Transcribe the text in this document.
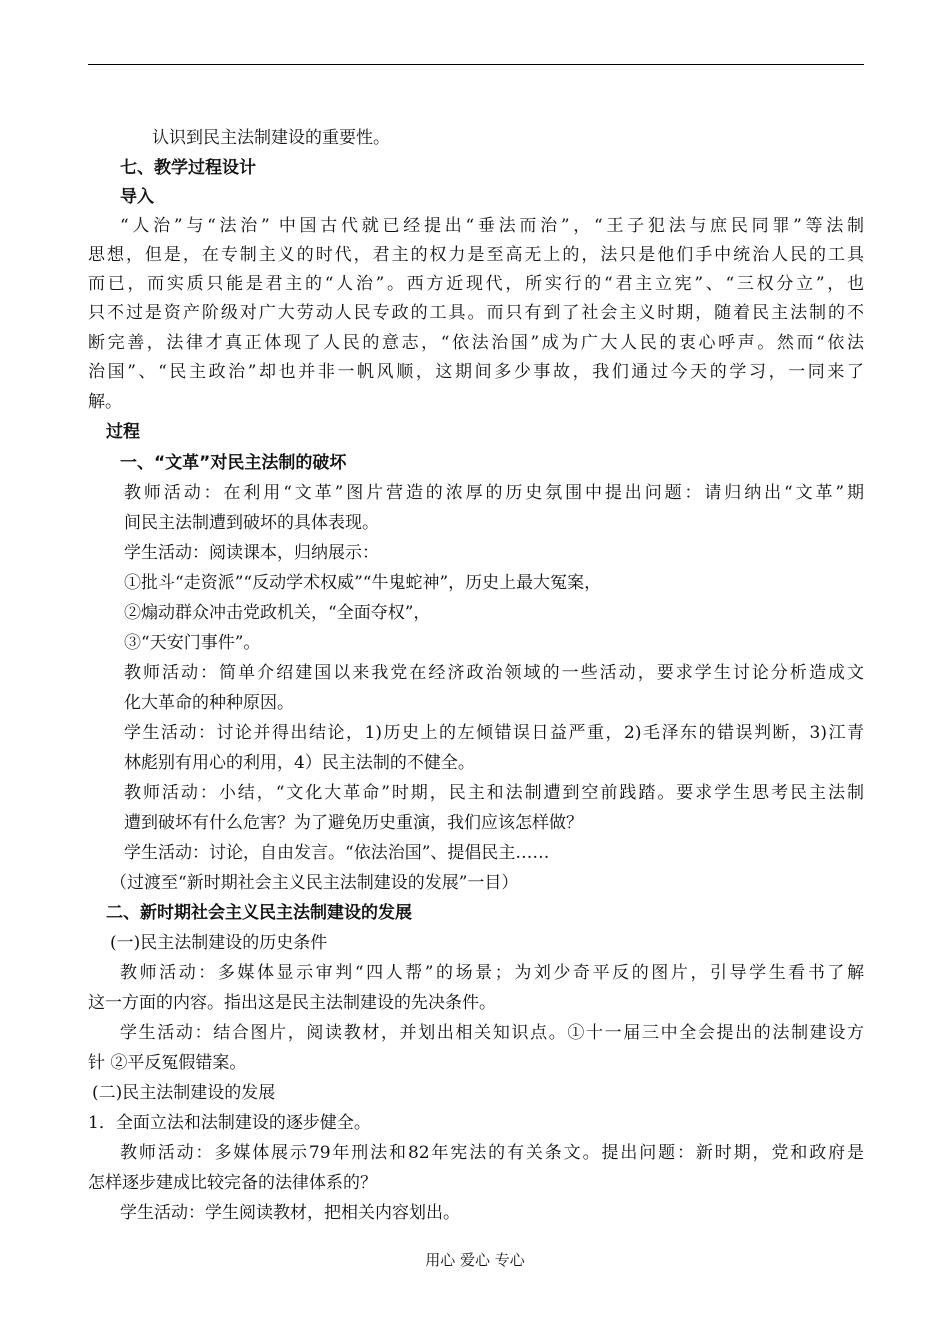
认识到民主法制建设的重要性。
七、教学过程设计
导入
“人治”与“法治” 中国古代就已经提出“垂法而治”，“王子犯法与庶民同罪”等法制
思想，但是，在专制主义的时代，君主的权力是至高无上的，法只是他们手中统治人民的工具
而已，而实质只能是君主的“人治”。西方近现代，所实行的“君主立宪”、“三权分立”，也
只不过是资产阶级对广大劳动人民专政的工具。而只有到了社会主义时期，随着民主法制的不
断完善，法律才真正体现了人民的意志，“依法治国”成为广大人民的衷心呼声。然而“依法
治国”、“民主政治”却也并非一帆风顺，这期间多少事故，我们通过今天的学习，一同来了
解。
过程
一、“文革”对民主法制的破坏
教师活动：在利用“文革”图片营造的浓厚的历史氛围中提出问题：请归纳出“文革”期
间民主法制遭到破坏的具体表现。
学生活动：阅读课本，归纳展示：
①批斗“走资派”“反动学术权威”“牛鬼蛇神”，历史上最大冤案，
②煽动群众冲击党政机关，“全面夺权”，
③“天安门事件”。
教师活动：简单介绍建国以来我党在经济政治领域的一些活动，要求学生讨论分析造成文
化大革命的种种原因。
学生活动：讨论并得出结论，1)历史上的左倾错误日益严重，2)毛泽东的错误判断，3)江青
林彪别有用心的利用，4）民主法制的不健全。
教师活动：小结，“文化大革命”时期，民主和法制遭到空前践踏。要求学生思考民主法制
遭到破坏有什么危害？为了避免历史重演，我们应该怎样做？
学生活动：讨论，自由发言。“依法治国”、提倡民主……
（过渡至“新时期社会主义民主法制建设的发展”一目）
二、新时期社会主义民主法制建设的发展
(一)民主法制建设的历史条件
教师活动：多媒体显示审判“四人帮”的场景；为刘少奇平反的图片，引导学生看书了解
这一方面的内容。指出这是民主法制建设的先决条件。
学生活动：结合图片，阅读教材，并划出相关知识点。①十一届三中全会提出的法制建设方
针 ②平反冤假错案。
(二)民主法制建设的发展
1．全面立法和法制建设的逐步健全。
教师活动：多媒体展示79年刑法和82年宪法的有关条文。提出问题：新时期，党和政府是
怎样逐步建成比较完备的法律体系的？
学生活动：学生阅读教材，把相关内容划出。
用心 爱心 专心
